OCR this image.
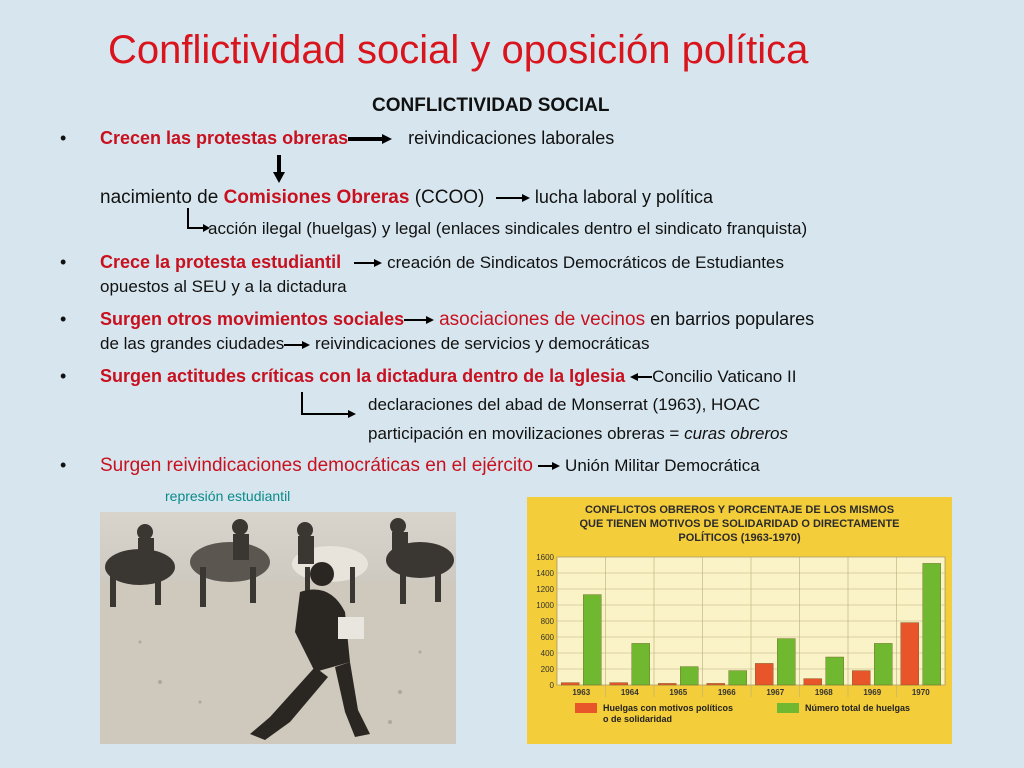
Conflictividad social y oposición política
CONFLICTIVIDAD SOCIAL
• Crecen las protestas obreras	reivindicaciones laborales
nacimiento de Comisiones Obreras (CCOO)	lucha laboral y política
acción ilegal (huelgas) y legal (enlaces sindicales dentro el sindicato franquista)
• Crece la protesta estudiantil	creación de Sindicatos Democráticos de Estudiantes
opuestos al SEU y a la dictadura
• Surgen otros movimientos sociales asociaciones de vecinos en barrios populares
de las grandes ciudades reivindicaciones de servicios y democráticas
• Surgen actitudes críticas con la dictadura dentro de la Iglesia Concilio Vaticano II
declaraciones del abad de Monserrat (1963), HOAC
participación en movilizaciones obreras = curas obreros
• Surgen reivindicaciones democráticas en el ejército Unión Militar Democrática
represión estudiantil
CONFLICTOS OBREROS Y PORCENTAJE DE LOS MISMOS
QUE TIENEN MOTIVOS DE SOLIDARIDAD O DIRECTAMENTE
POLÍTICOS (1963-1970)
0
200
400
600
800
1000
1200
1400
1600
1963	1964	1965	1966	1967	1968	1969	1970
Huelgas con motivos políticos
o de solidaridad
Número total de huelgas
